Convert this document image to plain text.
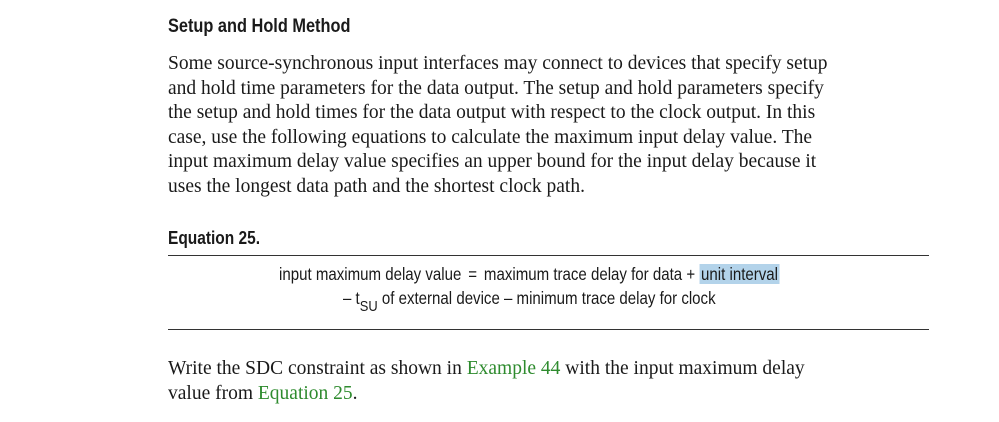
Setup and Hold Method

Some source-synchronous input interfaces may connect to devices that specify setup
and hold time parameters for the data output. The setup and hold parameters specify
the setup and hold times for the data output with respect to the clock output. In this
case, use the following equations to calculate the maximum input delay value. The
input maximum delay value specifies an upper bound for the input delay because it
uses the longest data path and the shortest clock path.

Equation 25.
input maximum delay value = maximum trace delay for data + unit interval
– tSU of external device – minimum trace delay for clock

Write the SDC constraint as shown in Example 44 with the input maximum delay
value from Equation 25.
